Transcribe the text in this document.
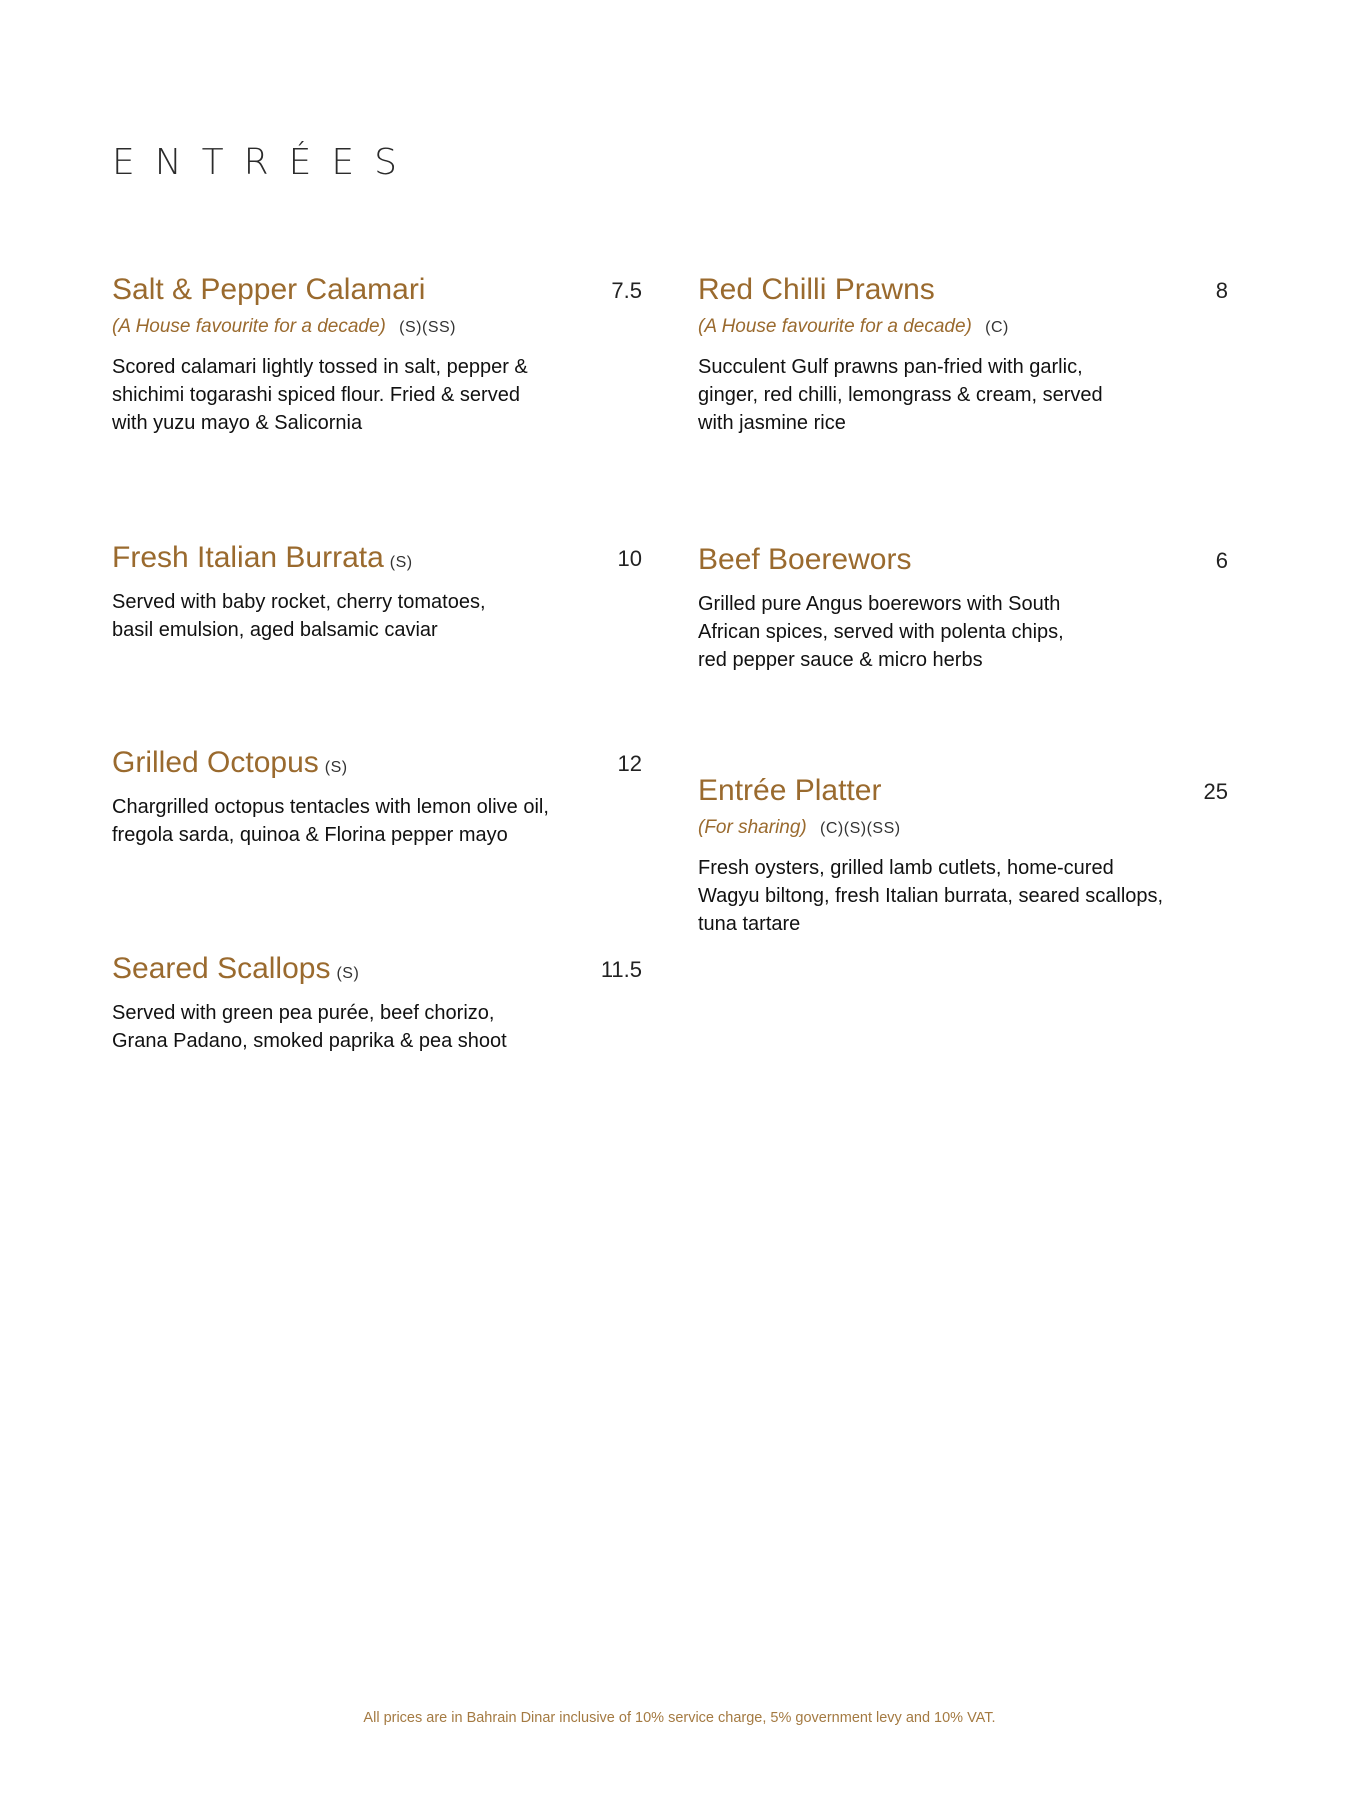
ENTRÉES
Salt & Pepper Calamari	7.5
(A House favourite for a decade) (S)(SS)
Scored calamari lightly tossed in salt, pepper & shichimi togarashi spiced flour. Fried & served with yuzu mayo & Salicornia
Fresh Italian Burrata (S)	10
Served with baby rocket, cherry tomatoes, basil emulsion, aged balsamic caviar
Grilled Octopus (S)	12
Chargrilled octopus tentacles with lemon olive oil, fregola sarda, quinoa & Florina pepper mayo
Seared Scallops (S)	11.5
Served with green pea purée, beef chorizo, Grana Padano, smoked paprika & pea shoot
Red Chilli Prawns	8
(A House favourite for a decade) (C)
Succulent Gulf prawns pan-fried with garlic, ginger, red chilli, lemongrass & cream, served with jasmine rice
Beef Boerewors	6
Grilled pure Angus boerewors with South African spices, served with polenta chips, red pepper sauce & micro herbs
Entrée Platter	25
(For sharing) (C)(S)(SS)
Fresh oysters, grilled lamb cutlets, home-cured Wagyu biltong, fresh Italian burrata, seared scallops, tuna tartare
All prices are in Bahrain Dinar inclusive of 10% service charge, 5% government levy and 10% VAT.
